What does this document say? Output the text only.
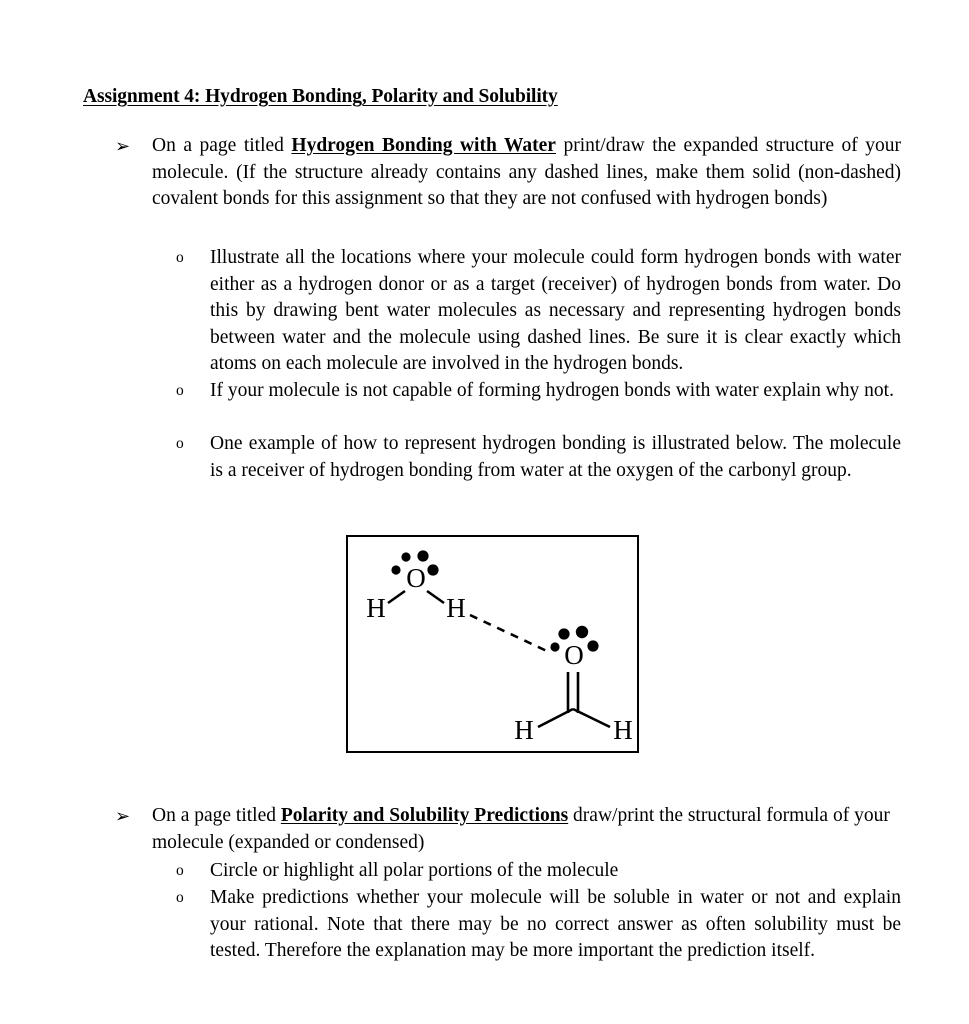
Assignment 4: Hydrogen Bonding, Polarity and Solubility
➢	On a page titled Hydrogen Bonding with Water print/draw the expanded structure of your molecule. (If the structure already contains any dashed lines, make them solid (non-dashed) covalent bonds for this assignment so that they are not confused with hydrogen bonds)
o	Illustrate all the locations where your molecule could form hydrogen bonds with water either as a hydrogen donor or as a target (receiver) of hydrogen bonds from water. Do this by drawing bent water molecules as necessary and representing hydrogen bonds between water and the molecule using dashed lines. Be sure it is clear exactly which atoms on each molecule are involved in the hydrogen bonds.
o	If your molecule is not capable of forming hydrogen bonds with water explain why not.
o	One example of how to represent hydrogen bonding is illustrated below. The molecule is a receiver of hydrogen bonding from water at the oxygen of the carbonyl group.
O
H H
O
H	H
➢	On a page titled Polarity and Solubility Predictions draw/print the structural formula of your molecule (expanded or condensed)
o	Circle or highlight all polar portions of the molecule
o	Make predictions whether your molecule will be soluble in water or not and explain your rational. Note that there may be no correct answer as often solubility must be tested. Therefore the explanation may be more important the prediction itself.
